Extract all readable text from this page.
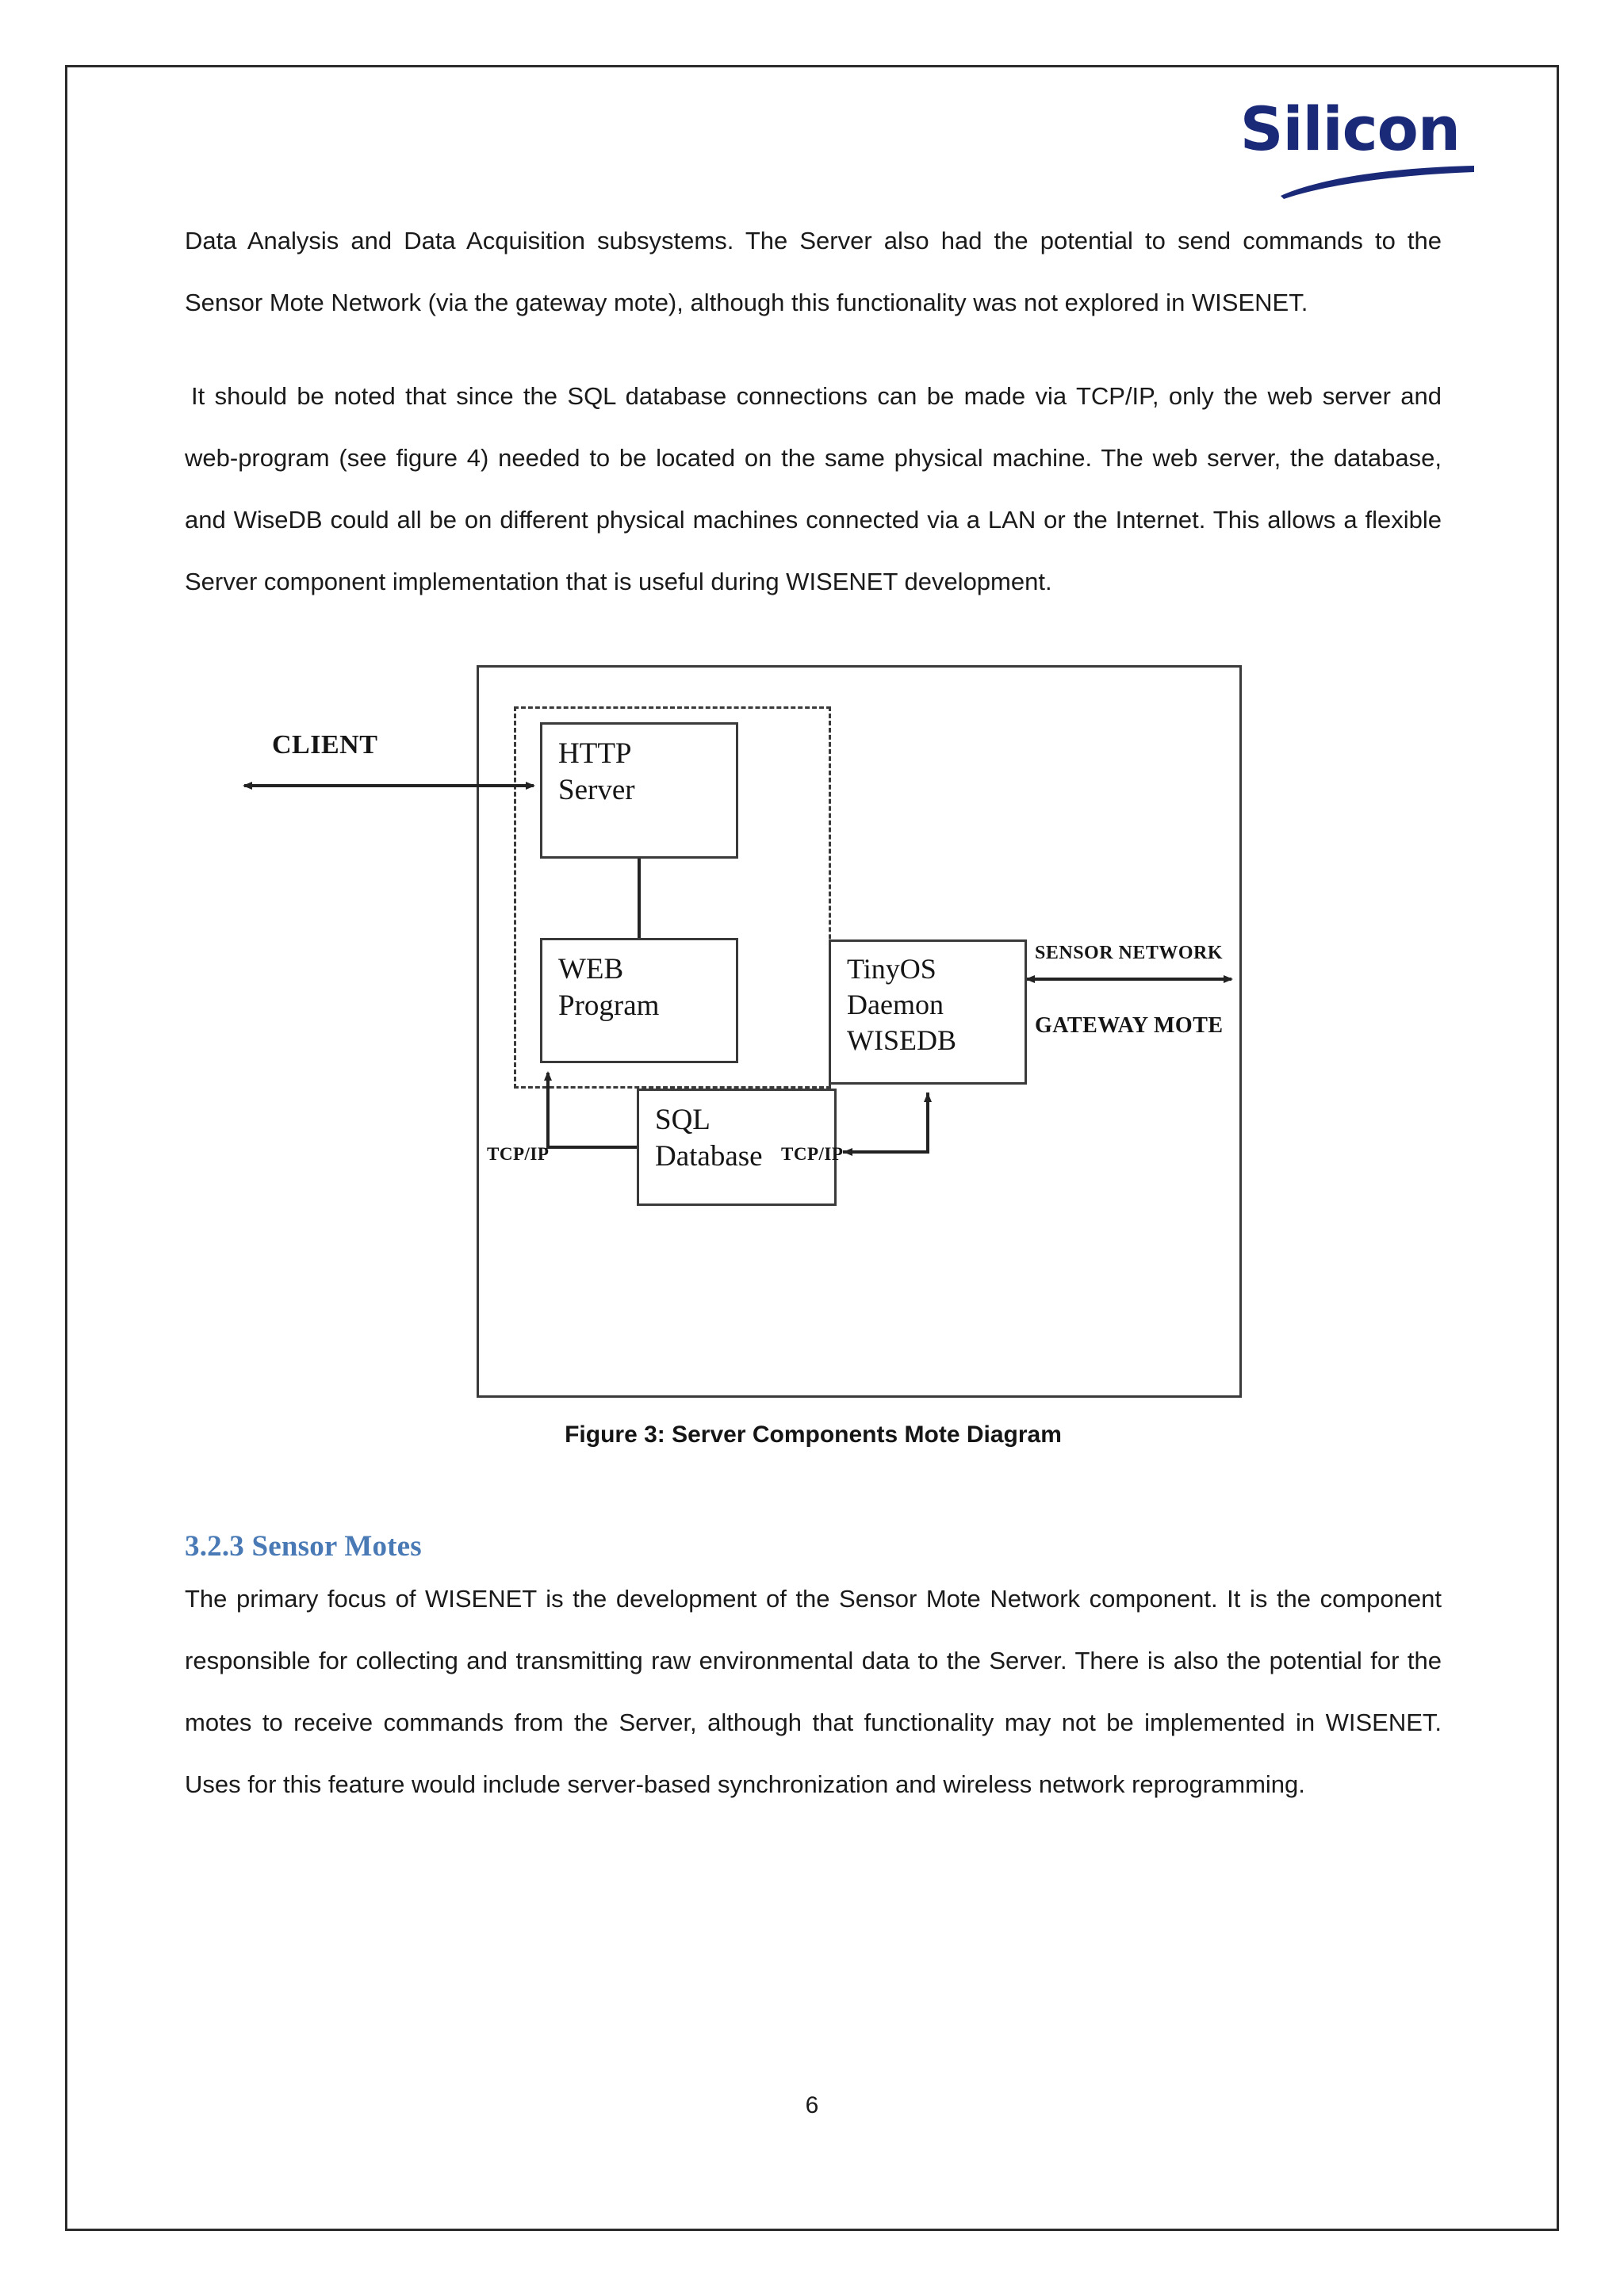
Silicon

Data Analysis and Data Acquisition subsystems. The Server also had the potential to send commands to the Sensor Mote Network (via the gateway mote), although this functionality was not explored in WISENET.

It should be noted that since the SQL database connections can be made via TCP/IP, only the web server and web-program (see figure 4) needed to be located on the same physical machine. The web server, the database, and WiseDB could all be on different physical machines connected via a LAN or the Internet. This allows a flexible Server component implementation that is useful during WISENET development.

HTTP
Server
WEB
Program
SQL
Database
TinyOS
Daemon
WISEDB
CLIENT
SENSOR NETWORK
GATEWAY MOTE
TCP/IP	TCP/IP
Figure 3: Server Components Mote Diagram
3.2.3 Sensor Motes

The primary focus of WISENET is the development of the Sensor Mote Network component. It is the component responsible for collecting and transmitting raw environmental data to the Server. There is also the potential for the motes to receive commands from the Server, although that functionality may not be implemented in WISENET. Uses for this feature would include server-based synchronization and wireless network reprogramming.

6
